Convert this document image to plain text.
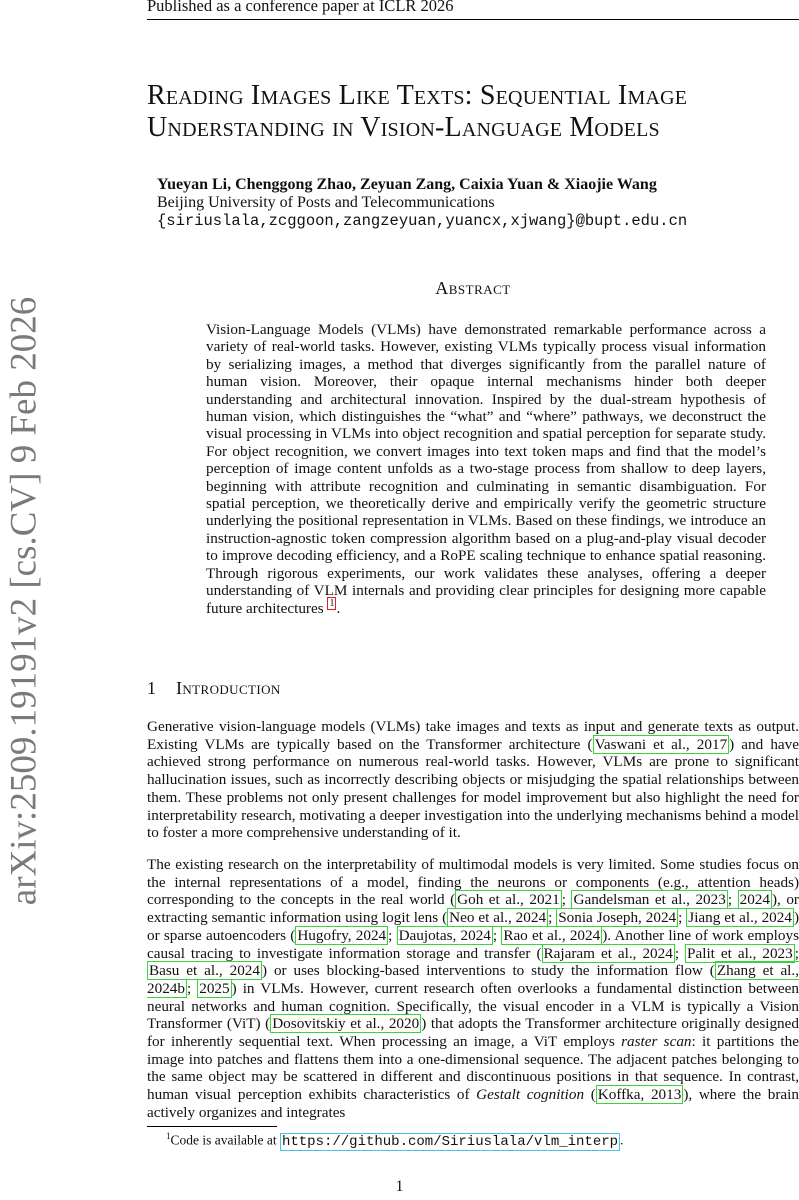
Published as a conference paper at ICLR 2026
arXiv:2509.19191v2 [cs.CV] 9 Feb 2026
Reading Images Like Texts: Sequential Image
Understanding in Vision-Language Models
Yueyan Li, Chenggong Zhao, Zeyuan Zang, Caixia Yuan & Xiaojie Wang
Beijing University of Posts and Telecommunications
{siriuslala,zcggoon,zangzeyuan,yuancx,xjwang}@bupt.edu.cn
Abstract
Vision-Language Models (VLMs) have demonstrated remarkable performance across a variety of real-world tasks. However, existing VLMs typically process visual information by serializing images, a method that diverges significantly from the parallel nature of human vision. Moreover, their opaque internal mechanisms hinder both deeper understanding and architectural innovation. Inspired by the dual-stream hypothesis of human vision, which distinguishes the “what” and “where” pathways, we deconstruct the visual processing in VLMs into object recognition and spatial perception for separate study. For object recognition, we convert images into text token maps and find that the model’s perception of image content unfolds as a two-stage process from shallow to deep layers, beginning with attribute recognition and culminating in semantic disambiguation. For spatial perception, we theoretically derive and empirically verify the geometric structure underlying the positional representation in VLMs. Based on these findings, we introduce an instruction-agnostic token compression algorithm based on a plug-and-play visual decoder to improve decoding efficiency, and a RoPE scaling technique to enhance spatial reasoning. Through rigorous experiments, our work validates these analyses, offering a deeper understanding of VLM internals and providing clear principles for designing more capable future architectures $^1$ .
1 Introduction
Generative vision-language models (VLMs) take images and texts as input and generate texts as output. Existing VLMs are typically based on the Transformer architecture ( Vaswani et al., 2017 ) and have achieved strong performance on numerous real-world tasks. However, VLMs are prone to significant hallucination issues, such as incorrectly describing objects or misjudging the spatial relationships between them. These problems not only present challenges for model improvement but also highlight the need for interpretability research, motivating a deeper investigation into the underlying mechanisms behind a model to foster a more comprehensive understanding of it.
The existing research on the interpretability of multimodal models is very limited. Some studies focus on the internal representations of a model, finding the neurons or components (e.g., attention heads) corresponding to the concepts in the real world ( Goh et al., 2021 ; Gandelsman et al., 2023 ; 2024 ), or extracting semantic information using logit lens ( Neo et al., 2024 ; Sonia Joseph, 2024 ; Jiang et al., 2024 ) or sparse autoencoders ( Hugofry, 2024 ; Daujotas, 2024 ; Rao et al., 2024 ). Another line of work employs causal tracing to investigate information storage and transfer ( Rajaram et al., 2024 ; Palit et al., 2023 ; Basu et al., 2024 ) or uses blocking-based interventions to study the information flow ( Zhang et al., 2024b ; 2025 ) in VLMs. However, current research often overlooks a fundamental distinction between neural networks and human cognition. Specifically, the visual encoder in a VLM is typically a Vision Transformer (ViT) ( Dosovitskiy et al., 2020 ) that adopts the Transformer architecture originally designed for inherently sequential text. When processing an image, a ViT employs raster scan: it partitions the image into patches and flattens them into a one-dimensional sequence. The adjacent patches belonging to the same object may be scattered in different and discontinuous positions in that sequence. In contrast, human visual perception exhibits characteristics of Gestalt cognition ( Koffka, 2013 ), where the brain actively organizes and integrates
$^1$Code is available at https://github.com/Siriuslala/vlm_interp .
1
